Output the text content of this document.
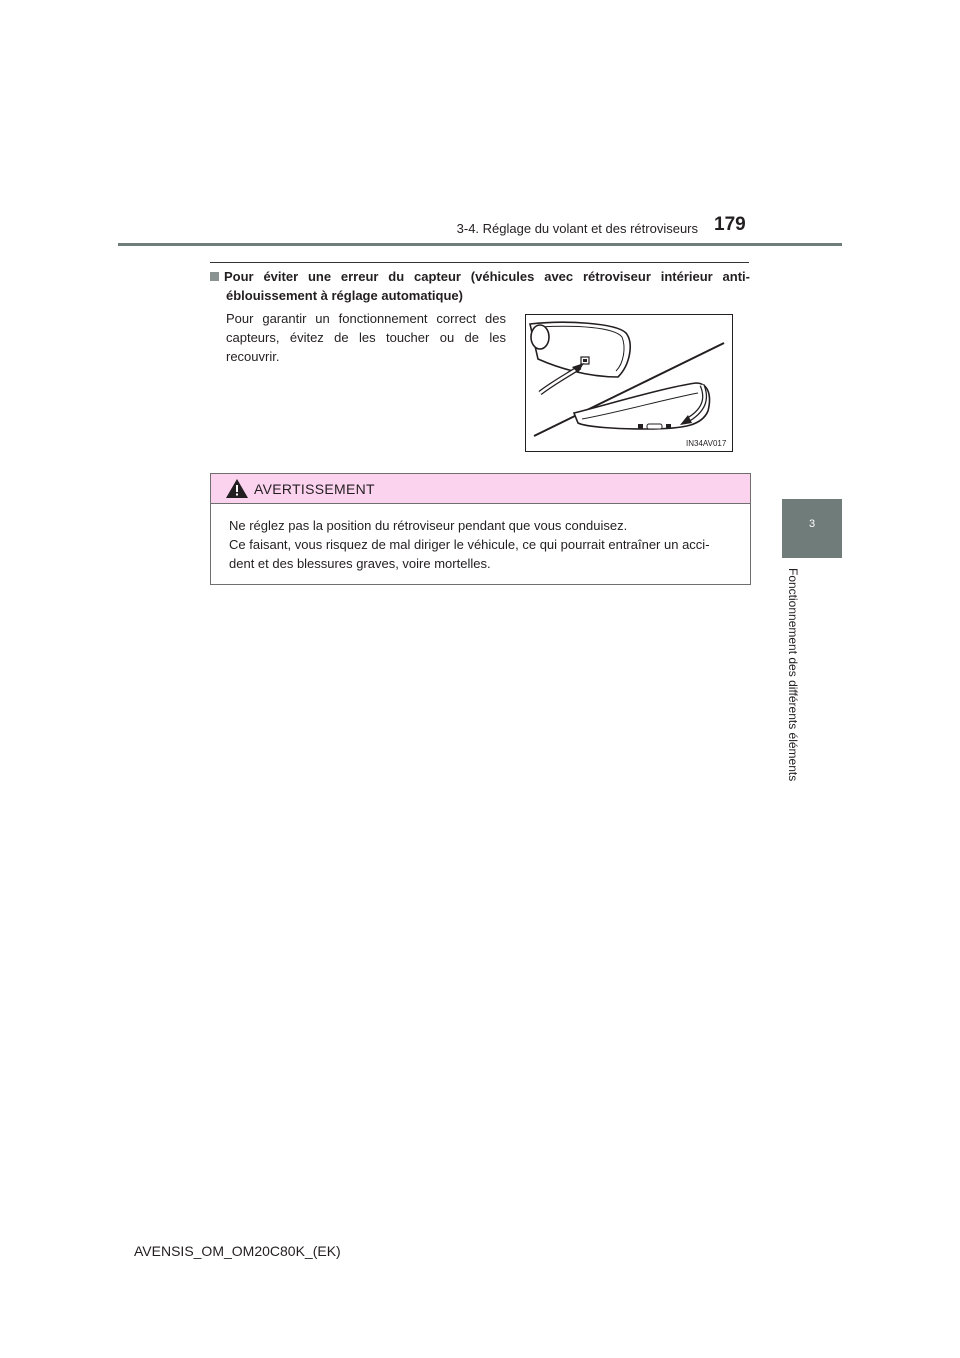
3-4. Réglage du volant et des rétroviseurs 179
3
Fonctionnement des différents éléments
Pour éviter une erreur du capteur (véhicules avec rétroviseur intérieur anti-
éblouissement à réglage automatique)
Pour garantir un fonctionnement correct des capteurs, évitez de les toucher ou de les recouvrir.
IN34AV017
AVERTISSEMENT
Ne réglez pas la position du rétroviseur pendant que vous conduisez.
Ce faisant, vous risquez de mal diriger le véhicule, ce qui pourrait entraîner un acci-
dent et des blessures graves, voire mortelles.
AVENSIS_OM_OM20C80K_(EK)
